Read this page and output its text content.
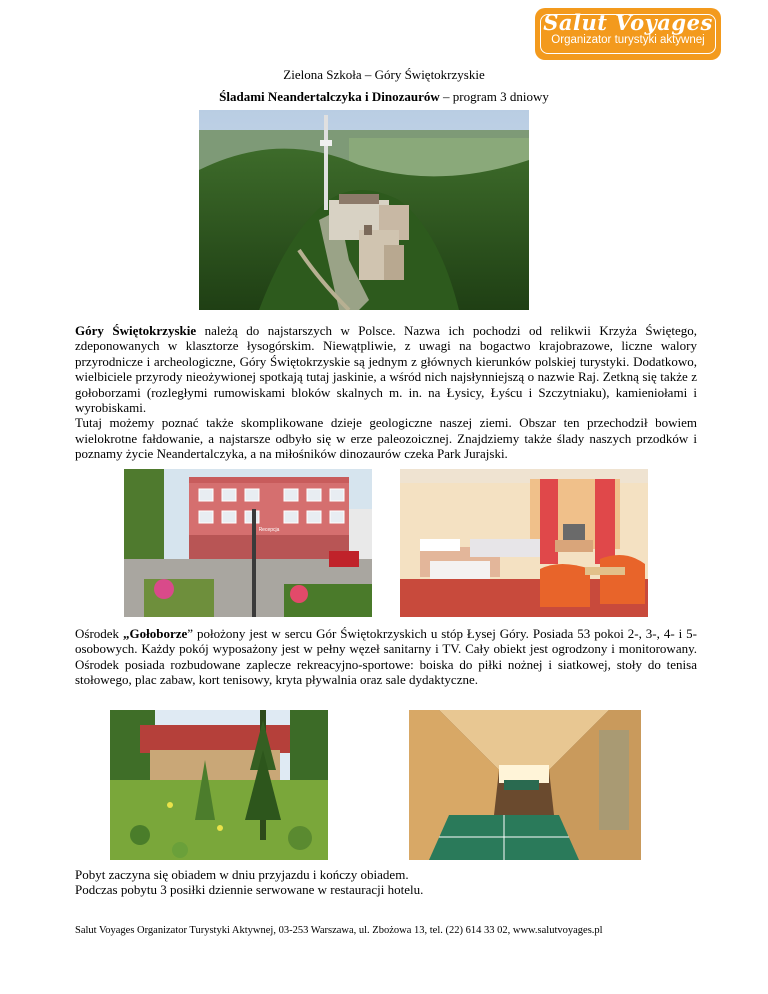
Salut Voyages
Organizator turystyki aktywnej
Zielona Szkoła – Góry Świętokrzyskie
Śladami Neandertalczyka i Dinozaurów – program 3 dniowy

Góry Świętokrzyskie należą do najstarszych w Polsce. Nazwa ich pochodzi od relikwii Krzyża Świętego, zdeponowanych w klasztorze łysogórskim. Niewątpliwie, z uwagi na bogactwo krajobrazowe, liczne walory przyrodnicze i archeologiczne, Góry Świętokrzyskie są jednym z głównych kierunków polskiej turystyki. Dodatkowo, wielbiciele przyrody nieożywionej spotkają tutaj jaskinie, a wśród nich najsłynniejszą o nazwie Raj. Zetkną się także z gołoborzami (rozległymi rumowiskami bloków skalnych m. in. na Łysicy, Łyścu i Szczytniaku), kamieniołami i wyrobiskami.

Tutaj możemy poznać także skomplikowane dzieje geologiczne naszej ziemi. Obszar ten przechodził bowiem wielokrotne fałdowanie, a najstarsze odbyło się w erze paleozoicznej. Znajdziemy także ślady naszych przodków i poznamy życie Neandertalczyka, a na miłośników dinozaurów czeka Park Jurajski.

Recepcja

Ośrodek „Gołoborze” położony jest w sercu Gór Świętokrzyskich u stóp Łysej Góry. Posiada 53 pokoi 2-, 3-, 4- i 5-osobowych. Każdy pokój wyposażony jest w pełny węzeł sanitarny i TV. Cały obiekt jest ogrodzony i monitorowany. Ośrodek posiada rozbudowane zaplecze rekreacyjno-sportowe: boiska do piłki nożnej i siatkowej, stoły do tenisa stołowego, plac zabaw, kort tenisowy, kryta pływalnia oraz sale dydaktyczne.

Pobyt zaczyna się obiadem w dniu przyjazdu i kończy obiadem.

Podczas pobytu 3 posiłki dziennie serwowane w restauracji hotelu.

Salut Voyages Organizator Turystyki Aktywnej, 03-253 Warszawa, ul. Zbożowa 13, tel. (22) 614 33 02, www.salutvoyages.pl
